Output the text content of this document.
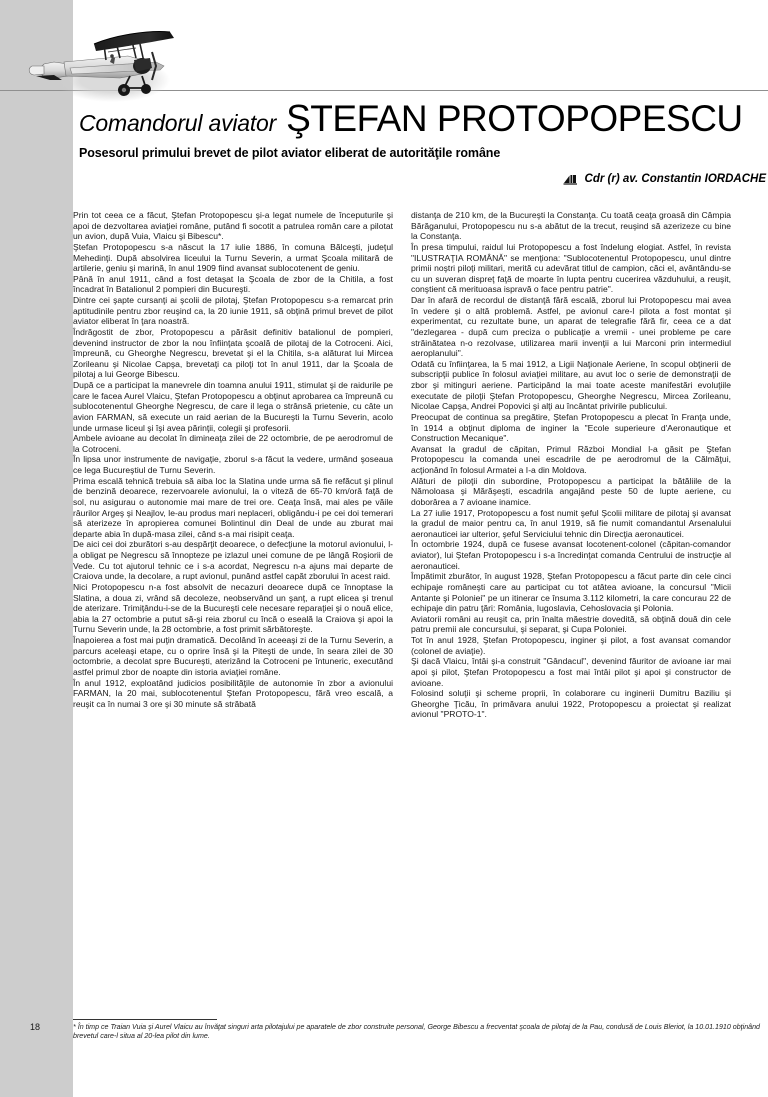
Comandorul aviator ŞTEFAN PROTOPOPESCU
Posesorul primului brevet de pilot aviator eliberat de autorităţile române
Cdr (r) av. Constantin IORDACHE

Prin tot ceea ce a făcut, Ştefan Protopopescu şi-a legat numele de începuturile şi apoi de dezvoltarea aviaţiei române, putând fi socotit a patrulea român care a pilotat un avion, după Vuia, Vlaicu şi Bibescu*.

Ştefan Protopopescu s-a născut la 17 iulie 1886, în comuna Bălceşti, judeţul Mehedinţi. După absolvirea liceului la Turnu Severin, a urmat Şcoala militară de artilerie, geniu şi marină, în anul 1909 fiind avansat sublocotenent de geniu.

Până în anul 1911, când a fost detaşat la Şcoala de zbor de la Chitila, a fost încadrat în Batalionul 2 pompieri din Bucureşti.

Dintre cei şapte cursanţi ai şcolii de pilotaj, Ştefan Protopopescu s-a remarcat prin aptitudinile pentru zbor reuşind ca, la 20 iunie 1911, să obţină primul brevet de pilot aviator eliberat în ţara noastră.

Îndrăgostit de zbor, Protopopescu a părăsit definitiv batalionul de pompieri, devenind instructor de zbor la nou înfiinţata şcoală de pilotaj de la Cotroceni. Aici, împreună, cu Gheorghe Negrescu, brevetat şi el la Chitila, s-a alăturat lui Mircea Zorileanu şi Nicolae Capşa, brevetaţi ca piloţi tot în anul 1911, dar la Şcoala de pilotaj a lui George Bibescu.

După ce a participat la manevrele din toamna anului 1911, stimulat şi de raidurile pe care le facea Aurel Vlaicu, Ştefan Protopopescu a obţinut aprobarea ca împreună cu sublocotenentul Gheorghe Negrescu, de care il lega o strânsă prietenie, cu câte un avion FARMAN, să execute un raid aerian de la Bucureşti la Turnu Severin, acolo unde urmase liceul şi îşi avea părinţii, colegii şi profesorii.

Ambele avioane au decolat în dimineaţa zilei de 22 octombrie, de pe aerodromul de la Cotroceni.

În lipsa unor instrumente de navigaţie, zborul s-a făcut la vedere, urmând şoseaua ce lega Bucureştiul de Turnu Severin.

Prima escală tehnică trebuia să aiba loc la Slatina unde urma să fie refăcut şi plinul de benzină deoarece, rezervoarele avionului, la o viteză de 65-70 km/oră faţă de sol, nu asigurau o autonomie mai mare de trei ore. Ceaţa însă, mai ales pe văile râurilor Argeş şi Neajlov, le-au produs mari neplaceri, obligându-i pe cei doi temerari să aterizeze în apropierea comunei Bolintinul din Deal de unde au zburat mai departe abia în după-masa zilei, când s-a mai risipit ceaţa.

De aici cei doi zburători s-au despărţit deoarece, o defecţiune la motorul avionului, l-a obligat pe Negrescu să înnopteze pe izlazul unei comune de pe lângă Roşiorii de Vede. Cu tot ajutorul tehnic ce i s-a acordat, Negrescu n-a ajuns mai departe de Craiova unde, la decolare, a rupt avionul, punând astfel capăt zborului în acest raid.

Nici Protopopescu n-a fost absolvit de necazuri deoarece după ce înnoptase la Slatina, a doua zi, vrând să decoleze, neobservând un şanţ, a rupt elicea şi trenul de aterizare. Trimiţându-i-se de la Bucureşti cele necesare reparaţiei şi o nouă elice, abia la 27 octombrie a putut să-şi reia zborul cu încă o eseală la Craiova şi apoi la Turnu Severin unde, la 28 octombrie, a fost primit sărbătoreşte.

Înapoierea a fost mai puţin dramatică. Decolând în aceeaşi zi de la Turnu Severin, a parcurs aceleaşi etape, cu o oprire însă şi la Piteşti de unde, în seara zilei de 30 octombrie, a decolat spre Bucureşti, aterizând la Cotroceni pe întuneric, executând astfel primul zbor de noapte din istoria aviaţiei române.

În anul 1912, exploatând judicios posibilităţile de autonomie în zbor a avionului FARMAN, la 20 mai, sublocotenentul Ştefan Protopopescu, fără vreo escală, a reuşit ca în numai 3 ore şi 30 minute să străbată

distanţa de 210 km, de la Bucureşti la Constanţa. Cu toată ceaţa groasă din Câmpia Bărăganului, Protopopescu nu s-a abătut de la trecut, reuşind să azerizeze cu bine la Constanţa.

În presa timpului, raidul lui Protopopescu a fost îndelung elogiat. Astfel, în revista "ILUSTRAŢIA ROMÂNĂ" se menţiona: "Sublocotenentul Protopopescu, unul dintre primii noştri piloţi militari, merită cu adevărat titlul de campion, căci el, avântându-se cu un suveran dispreţ faţă de moarte în lupta pentru cucerirea văzduhului, a reuşit, conştient că merituoasa ispravă o face pentru patrie".

Dar în afară de recordul de distanţă fără escală, zborul lui Protopopescu mai avea în vedere şi o altă problemă. Astfel, pe avionul care-l pilota a fost montat şi experimentat, cu rezultate bune, un aparat de telegrafie fără fir, ceea ce a dat "dezlegarea - după cum preciza o publicaţie a vremii - unei probleme pe care străinătatea n-o rezolvase, utilizarea marii invenţii a lui Marconi prin intermediul aeroplanului".

Odată cu înfiinţarea, la 5 mai 1912, a Ligii Naţionale Aeriene, în scopul obţinerii de subscripţii publice în folosul aviaţiei militare, au avut loc o serie de demonstraţii de zbor şi mitinguri aeriene. Participând la mai toate aceste manifestări evoluţiile executate de piloţii Ştefan Protopopescu, Gheorghe Negrescu, Mircea Zorileanu, Nicolae Capşa, Andrei Popovici şi alţi au încântat privirile publicului.

Preocupat de continua sa pregătire, Ştefan Protopopescu a plecat în Franţa unde, în 1914 a obţinut diploma de inginer la "Ecole superieure d'Aeronautique et Construction Mecanique".

Avansat la gradul de căpitan, Primul Război Mondial l-a găsit pe Ştefan Protopopescu la comanda unei escadrile de pe aerodromul de la Călmăţui, acţionând în folosul Armatei a I-a din Moldova.

Alături de piloţii din subordine, Protopopescu a participat la bătăliile de la Nămoloasa şi Mărăşeşti, escadrila angajând peste 50 de lupte aeriene, cu doborârea a 7 avioane inamice.

La 27 iulie 1917, Protopopescu a fost numit şeful Şcolii militare de pilotaj şi avansat la gradul de maior pentru ca, în anul 1919, să fie numit comandantul Arsenalului aeronauticei iar ulterior, şeful Serviciului tehnic din Direcţia aeronauticei.

În octombrie 1924, după ce fusese avansat locotenent-colonel (căpitan-comandor aviator), lui Ştefan Protopopescu i s-a încredinţat comanda Centrului de instrucţie al aeronauticei.

Împătimit zburător, în august 1928, Ştefan Protopopescu a făcut parte din cele cinci echipaje româneşti care au participat cu tot atâtea avioane, la concursul "Micii Antante şi Poloniei" pe un itinerar ce însuma 3.112 kilometri, la care concurau 22 de echipaje din patru ţări: România, Iugoslavia, Cehoslovacia şi Polonia.

Aviatorii români au reuşit ca, prin înalta măestrie dovedită, să obţină două din cele patru premii ale concursului, şi separat, şi Cupa Poloniei.

Tot în anul 1928, Ştefan Protopopescu, inginer şi pilot, a fost avansat comandor (colonel de aviaţie).

Şi dacă Vlaicu, întâi şi-a construit "Gândacul", devenind făuritor de avioane iar mai apoi şi pilot, Ştefan Protopopescu a fost mai întâi pilot şi apoi şi constructor de avioane.

Folosind soluţii şi scheme proprii, în colaborare cu inginerii Dumitru Baziliu şi Gheorghe Ţicău, în primăvara anului 1922, Protopopescu a proiectat şi realizat avionul "PROTO-1".

18	* În timp ce Traian Vuia şi Aurel Vlaicu au învăţat singuri arta pilotajului pe aparatele de zbor construite personal, George Bibescu a frecventat şcoala de pilotaj de la Pau, condusă de Louis Bleriot, la 10.01.1910 obţinând brevetul care-l situa al 20-lea pilot din lume.
